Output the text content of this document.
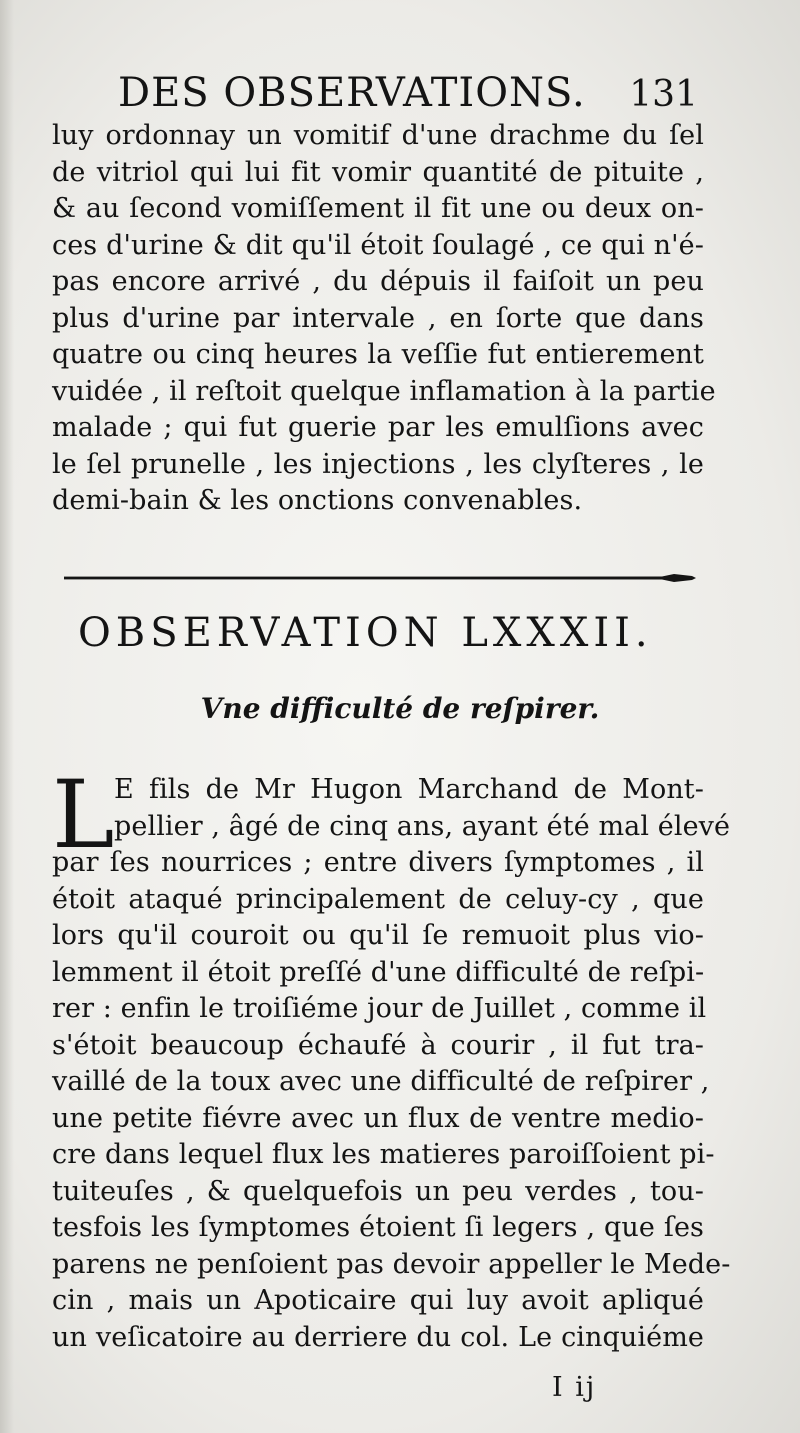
DES OBSERVATIONS. 131
luy ordonnay un vomitif d'une drachme du ſel
de vitriol qui lui fit vomir quantité de pituite ,
& au ſecond vomiſſement il fit une ou deux on-
ces d'urine & dit qu'il étoit ſoulagé , ce qui n'é-
pas encore arrivé , du dépuis il faiſoit un peu
plus d'urine par intervale , en ſorte que dans
quatre ou cinq heures la veſſie fut entierement
vuidée , il reſtoit quelque inflamation à la partie
malade ; qui fut guerie par les emulſions avec
le ſel prunelle , les injections , les clyſteres , le
demi-bain & les onctions convenables.
OBSERVATION LXXXII.
Vne difficulté de reſpirer.
L E fils de Mr Hugon Marchand de Mont-
pellier , âgé de cinq ans, ayant été mal élevé
par ſes nourrices ; entre divers ſymptomes , il
étoit ataqué principalement de celuy-cy , que
lors qu'il couroit ou qu'il ſe remuoit plus vio-
lemment il étoit preſſé d'une difficulté de reſpi-
rer : enfin le troiſiéme jour de Juillet , comme il
s'étoit beaucoup échaufé à courir , il fut tra-
vaillé de la toux avec une difficulté de reſpirer ,
une petite fiévre avec un flux de ventre medio-
cre dans lequel flux les matieres paroiſſoient pi-
tuiteuſes , & quelquefois un peu verdes , tou-
tesfois les ſymptomes étoient ſi legers , que ſes
parens ne penſoient pas devoir appeller le Mede-
cin , mais un Apoticaire qui luy avoit apliqué
un veſicatoire au derriere du col. Le cinquiéme
I ij
